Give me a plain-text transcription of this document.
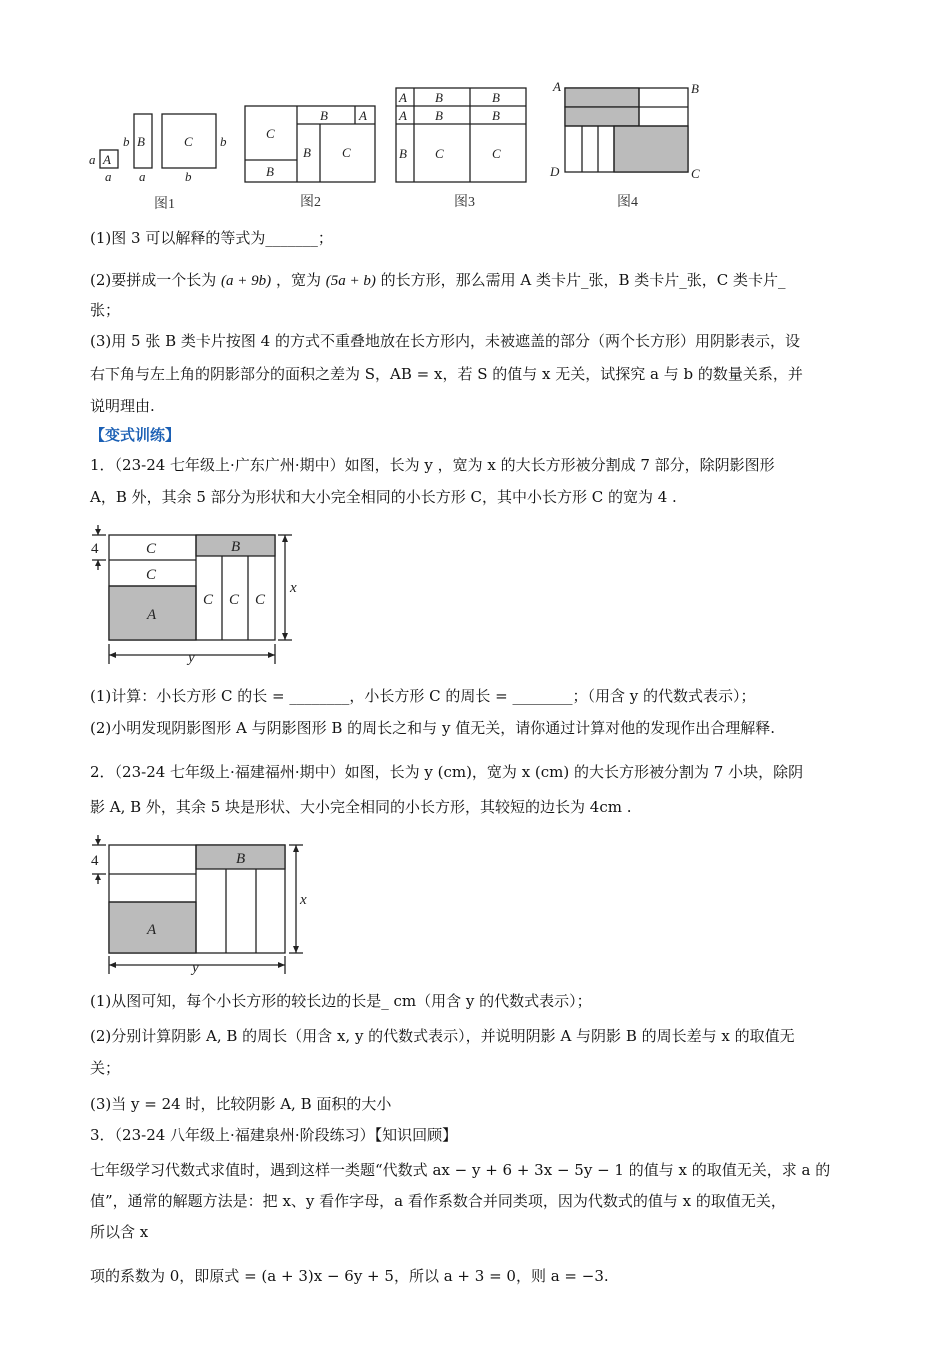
a
a
A
b
a
B	C b
b
C
B A
B C
B
A B	B
A B	B
B C	C
A	B
C
D
图1	图2	图3	图4
(1)图 3 可以解释的等式为_______；
(2)要拼成一个长为 (a + 9b) ，宽为 (5a + b) 的长方形，那么需用 A 类卡片_张，B 类卡片_张，C 类卡片_
张；
(3)用 5 张 B 类卡片按图 4 的方式不重叠地放在长方形内，未被遮盖的部分（两个长方形）用阴影表示，设
右下角与左上角的阴影部分的面积之差为 S，AB = x，若 S 的值与 x 无关，试探究 a 与 b 的数量关系，并
说明理由.
【变式训练】
1．（23-24 七年级上·广东广州·期中）如图，长为 y ，宽为 x 的大长方形被分割成 7 部分，除阴影图形
A，B 外，其余 5 部分为形状和大小完全相同的小长方形 C，其中小长方形 C 的宽为 4 .
4	C
C
B
A
C C C
x
y
(1)计算：小长方形 C 的长 = ________，小长方形 C 的周长 = ________；（用含 y 的代数式表示）；
(2)小明发现阴影图形 A 与阴影图形 B 的周长之和与 y 值无关，请你通过计算对他的发现作出合理解释.
2．（23-24 七年级上·福建福州·期中）如图，长为 y (cm)，宽为 x (cm) 的大长方形被分割为 7 小块，除阴
影 A, B 外，其余 5 块是形状、大小完全相同的小长方形，其较短的边长为 4cm .
4	B
A
x
y
(1)从图可知，每个小长方形的较长边的长是_ cm（用含 y 的代数式表示）；
(2)分别计算阴影 A, B 的周长（用含 x, y 的代数式表示），并说明阴影 A 与阴影 B 的周长差与 x 的取值无
关；
(3)当 y = 24 时，比较阴影 A, B 面积的大小
3．（23-24 八年级上·福建泉州·阶段练习）【知识回顾】
七年级学习代数式求值时，遇到这样一类题“代数式 ax − y + 6 + 3x − 5y − 1 的值与 x 的取值无关，求 a 的
值”，通常的解题方法是：把 x、y 看作字母，a 看作系数合并同类项，因为代数式的值与 x 的取值无关，
所以含 x
项的系数为 0，即原式 = (a + 3)x − 6y + 5，所以 a + 3 = 0，则 a = −3.
